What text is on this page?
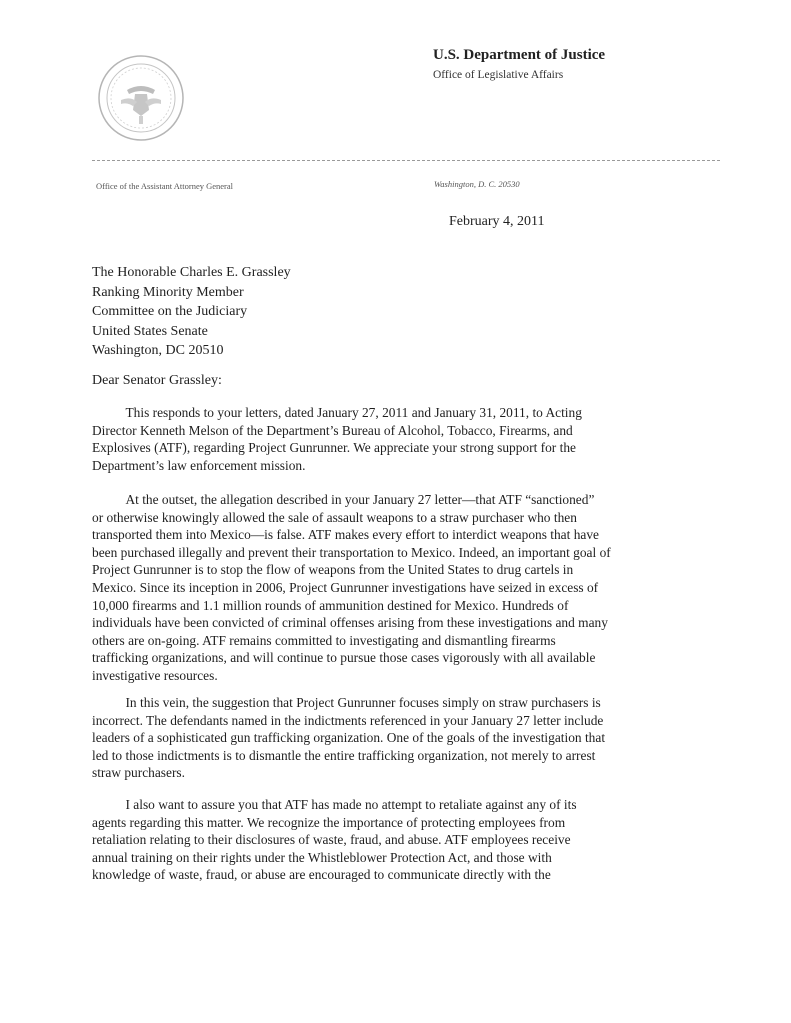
U.S. Department of Justice
Office of Legislative Affairs
Office of the Assistant Attorney General	Washington, D. C. 20530
February 4, 2011
The Honorable Charles E. Grassley
Ranking Minority Member
Committee on the Judiciary
United States Senate
Washington, DC 20510
Dear Senator Grassley:
This responds to your letters, dated January 27, 2011 and January 31, 2011, to Acting
Director Kenneth Melson of the Department’s Bureau of Alcohol, Tobacco, Firearms, and
Explosives (ATF), regarding Project Gunrunner. We appreciate your strong support for the
Department’s law enforcement mission.
At the outset, the allegation described in your January 27 letter—that ATF “sanctioned”
or otherwise knowingly allowed the sale of assault weapons to a straw purchaser who then
transported them into Mexico—is false. ATF makes every effort to interdict weapons that have
been purchased illegally and prevent their transportation to Mexico. Indeed, an important goal of
Project Gunrunner is to stop the flow of weapons from the United States to drug cartels in
Mexico. Since its inception in 2006, Project Gunrunner investigations have seized in excess of
10,000 firearms and 1.1 million rounds of ammunition destined for Mexico. Hundreds of
individuals have been convicted of criminal offenses arising from these investigations and many
others are on-going. ATF remains committed to investigating and dismantling firearms
trafficking organizations, and will continue to pursue those cases vigorously with all available
investigative resources.
In this vein, the suggestion that Project Gunrunner focuses simply on straw purchasers is
incorrect. The defendants named in the indictments referenced in your January 27 letter include
leaders of a sophisticated gun trafficking organization. One of the goals of the investigation that
led to those indictments is to dismantle the entire trafficking organization, not merely to arrest
straw purchasers.
I also want to assure you that ATF has made no attempt to retaliate against any of its
agents regarding this matter. We recognize the importance of protecting employees from
retaliation relating to their disclosures of waste, fraud, and abuse. ATF employees receive
annual training on their rights under the Whistleblower Protection Act, and those with
knowledge of waste, fraud, or abuse are encouraged to communicate directly with the
